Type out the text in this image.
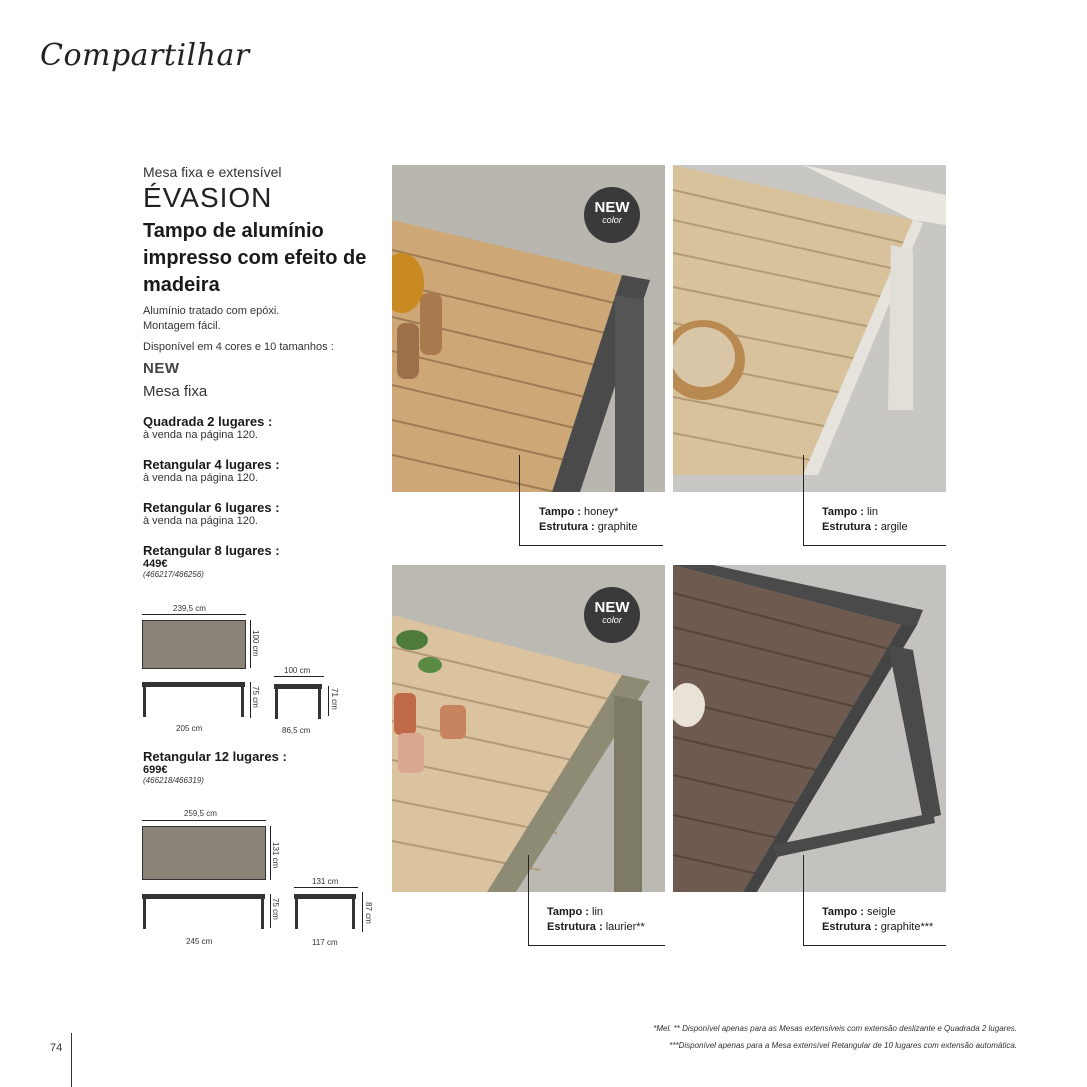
Compartilhar
Mesa fixa e extensível
ÉVASION
Tampo de alumínio impresso com efeito de madeira
Alumínio tratado com epóxi.
Montagem fácil.
Disponível em 4 cores e 10 tamanhos :
NEW
Mesa fixa
Quadrada 2 lugares :
à venda na página 120.
Retangular 4 lugares :
à venda na página 120.
Retangular 6 lugares :
à venda na página 120.
Retangular 8 lugares :
449€
(466217/466256)
239,5 cm
100 cm
75 cm
205 cm
100 cm
71 cm
86,5 cm
Retangular 12 lugares :
699€
(466218/466319)
259,5 cm
131 cm
75 cm
245 cm
131 cm
87 cm
117 cm
NEW
color
Tampo : honey*
Estrutura : graphite
Tampo : lin
Estrutura : argile
NEW
color
Tampo : lin
Estrutura : laurier**
Tampo : seigle
Estrutura : graphite***
*Mel. ** Disponível apenas para as Mesas extensíveis com extensão deslizante e Quadrada 2 lugares.
***Disponível apenas para a Mesa extensível Retangular de 10 lugares com extensão automática.
74
